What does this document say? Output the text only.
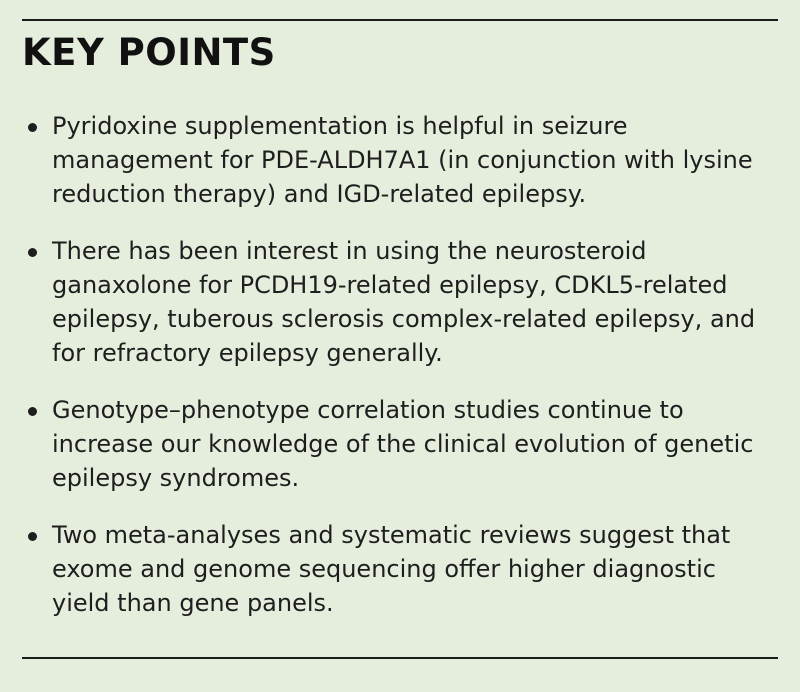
KEY POINTS
Pyridoxine supplementation is helpful in seizure management for PDE-ALDH7A1 (in conjunction with lysine reduction therapy) and IGD-related epilepsy.
There has been interest in using the neurosteroid ganaxolone for PCDH19-related epilepsy, CDKL5-related epilepsy, tuberous sclerosis complex-related epilepsy, and for refractory epilepsy generally.
Genotype–phenotype correlation studies continue to increase our knowledge of the clinical evolution of genetic epilepsy syndromes.
Two meta-analyses and systematic reviews suggest that exome and genome sequencing offer higher diagnostic yield than gene panels.
